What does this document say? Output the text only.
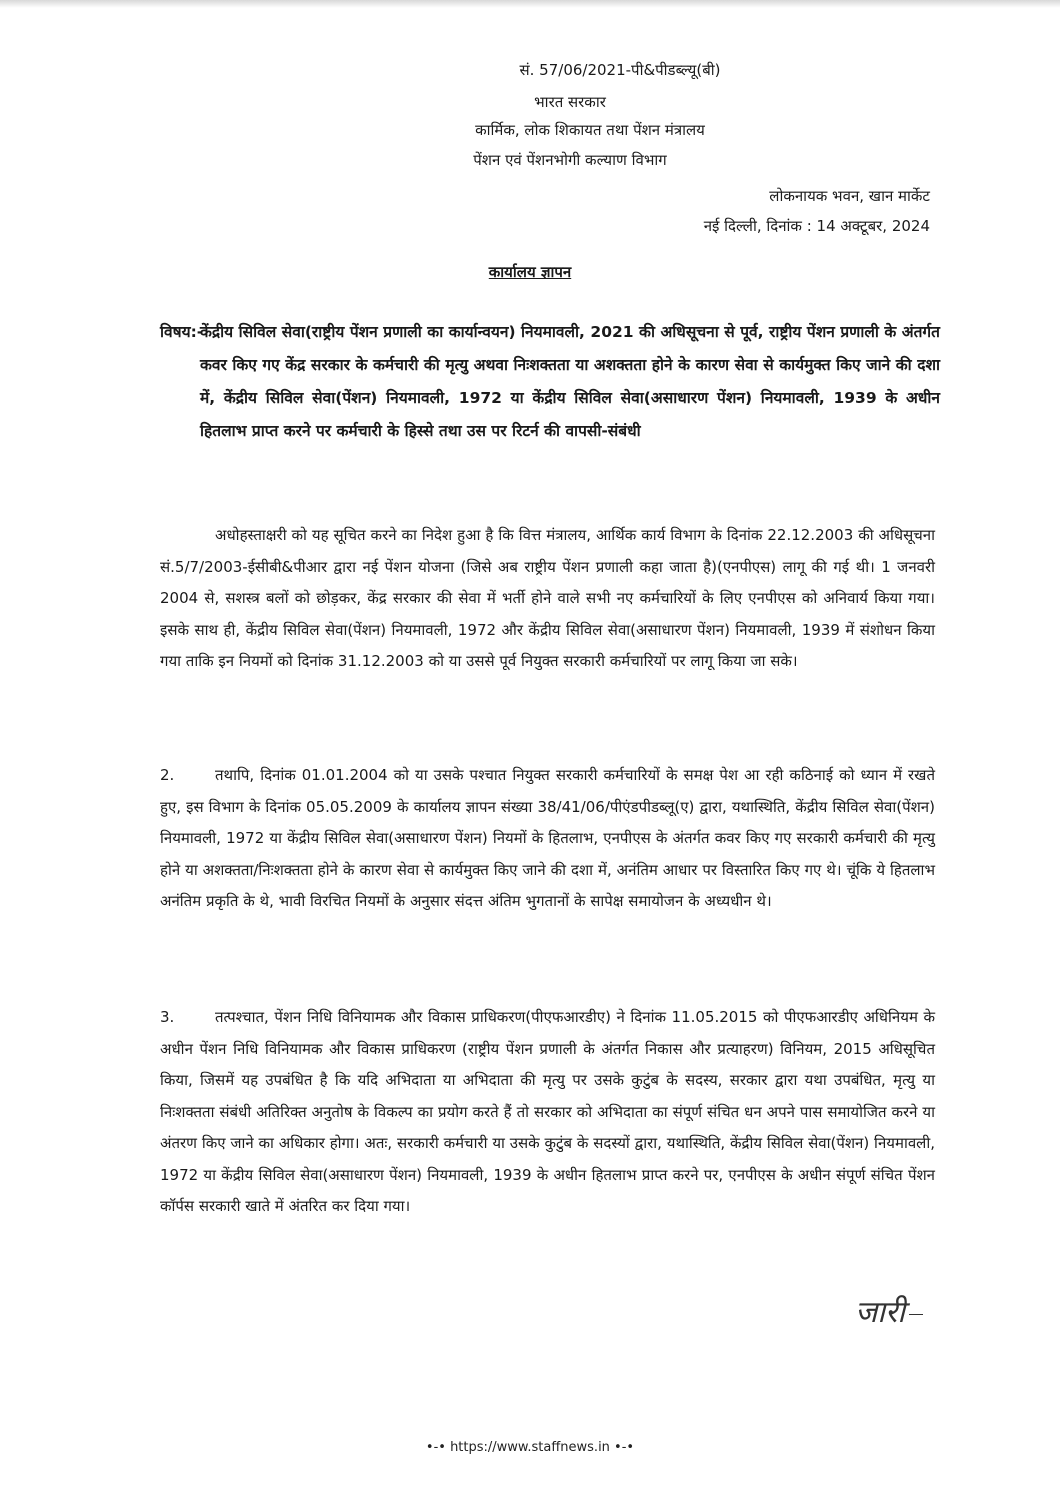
सं. 57/06/2021-पी&पीडब्ल्यू(बी)
भारत सरकार
कार्मिक, लोक शिकायत तथा पेंशन मंत्रालय
पेंशन एवं पेंशनभोगी कल्याण विभाग
लोकनायक भवन, खान मार्केट
नई दिल्ली, दिनांक : 14 अक्टूबर, 2024
कार्यालय ज्ञापन
विषय:-
केंद्रीय सिविल सेवा(राष्ट्रीय पेंशन प्रणाली का कार्यान्वयन) नियमावली, 2021 की अधिसूचना से पूर्व, राष्ट्रीय पेंशन प्रणाली के अंतर्गत कवर किए गए केंद्र सरकार के कर्मचारी की मृत्यु अथवा निःशक्तता या अशक्तता होने के कारण सेवा से कार्यमुक्त किए जाने की दशा में, केंद्रीय सिविल सेवा(पेंशन) नियमावली, 1972 या केंद्रीय सिविल सेवा(असाधारण पेंशन) नियमावली, 1939 के अधीन हितलाभ प्राप्त करने पर कर्मचारी के हिस्से तथा उस पर रिटर्न की वापसी-संबंधी
अधोहस्ताक्षरी को यह सूचित करने का निदेश हुआ है कि वित्त मंत्रालय, आर्थिक कार्य विभाग के दिनांक 22.12.2003 की अधिसूचना सं.5/7/2003-ईसीबी&पीआर द्वारा नई पेंशन योजना (जिसे अब राष्ट्रीय पेंशन प्रणाली कहा जाता है)(एनपीएस) लागू की गई थी। 1 जनवरी 2004 से, सशस्त्र बलों को छोड़कर, केंद्र सरकार की सेवा में भर्ती होने वाले सभी नए कर्मचारियों के लिए एनपीएस को अनिवार्य किया गया। इसके साथ ही, केंद्रीय सिविल सेवा(पेंशन) नियमावली, 1972 और केंद्रीय सिविल सेवा(असाधारण पेंशन) नियमावली, 1939 में संशोधन किया गया ताकि इन नियमों को दिनांक 31.12.2003 को या उससे पूर्व नियुक्त सरकारी कर्मचारियों पर लागू किया जा सके।
2.	तथापि, दिनांक 01.01.2004 को या उसके पश्चात नियुक्त सरकारी कर्मचारियों के समक्ष पेश आ रही कठिनाई को ध्यान में रखते हुए, इस विभाग के दिनांक 05.05.2009 के कार्यालय ज्ञापन संख्या 38/41/06/पीएंडपीडब्लू(ए) द्वारा, यथास्थिति, केंद्रीय सिविल सेवा(पेंशन) नियमावली, 1972 या केंद्रीय सिविल सेवा(असाधारण पेंशन) नियमों के हितलाभ, एनपीएस के अंतर्गत कवर किए गए सरकारी कर्मचारी की मृत्यु होने या अशक्तता/निःशक्तता होने के कारण सेवा से कार्यमुक्त किए जाने की दशा में, अनंतिम आधार पर विस्तारित किए गए थे। चूंकि ये हितलाभ अनंतिम प्रकृति के थे, भावी विरचित नियमों के अनुसार संदत्त अंतिम भुगतानों के सापेक्ष समायोजन के अध्यधीन थे।
3.	तत्पश्चात, पेंशन निधि विनियामक और विकास प्राधिकरण(पीएफआरडीए) ने दिनांक 11.05.2015 को पीएफआरडीए अधिनियम के अधीन पेंशन निधि विनियामक और विकास प्राधिकरण (राष्ट्रीय पेंशन प्रणाली के अंतर्गत निकास और प्रत्याहरण) विनियम, 2015 अधिसूचित किया, जिसमें यह उपबंधित है कि यदि अभिदाता या अभिदाता की मृत्यु पर उसके कुटुंब के सदस्य, सरकार द्वारा यथा उपबंधित, मृत्यु या निःशक्तता संबंधी अतिरिक्त अनुतोष के विकल्प का प्रयोग करते हैं तो सरकार को अभिदाता का संपूर्ण संचित धन अपने पास समायोजित करने या अंतरण किए जाने का अधिकार होगा। अतः, सरकारी कर्मचारी या उसके कुटुंब के सदस्यों द्वारा, यथास्थिति, केंद्रीय सिविल सेवा(पेंशन) नियमावली, 1972 या केंद्रीय सिविल सेवा(असाधारण पेंशन) नियमावली, 1939 के अधीन हितलाभ प्राप्त करने पर, एनपीएस के अधीन संपूर्ण संचित पेंशन कॉर्पस सरकारी खाते में अंतरित कर दिया गया।
जारी
•-• https://www.staffnews.in •-•
